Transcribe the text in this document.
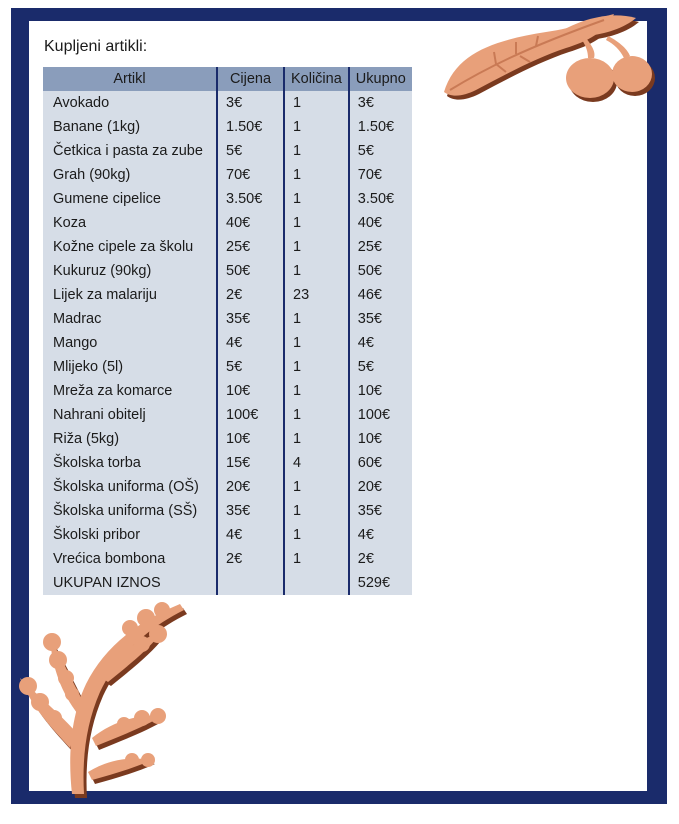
Kupljeni artikli:
Artikl	Cijena	Količina	Ukupno
Avokado	3€	1	3€
Banane (1kg)	1.50€	1	1.50€
Četkica i pasta za zube	5€	1	5€
Grah (90kg)	70€	1	70€
Gumene cipelice	3.50€	1	3.50€
Koza	40€	1	40€
Kožne cipele za školu	25€	1	25€
Kukuruz (90kg)	50€	1	50€
Lijek za malariju	2€	23	46€
Madrac	35€	1	35€
Mango	4€	1	4€
Mlijeko (5l)	5€	1	5€
Mreža za komarce	10€	1	10€
Nahrani obitelj	100€	1	100€
Riža (5kg)	10€	1	10€
Školska torba	15€	4	60€
Školska uniforma (OŠ)	20€	1	20€
Školska uniforma (SŠ)	35€	1	35€
Školski pribor	4€	1	4€
Vrećica bombona	2€	1	2€
UKUPAN IZNOS			529€
